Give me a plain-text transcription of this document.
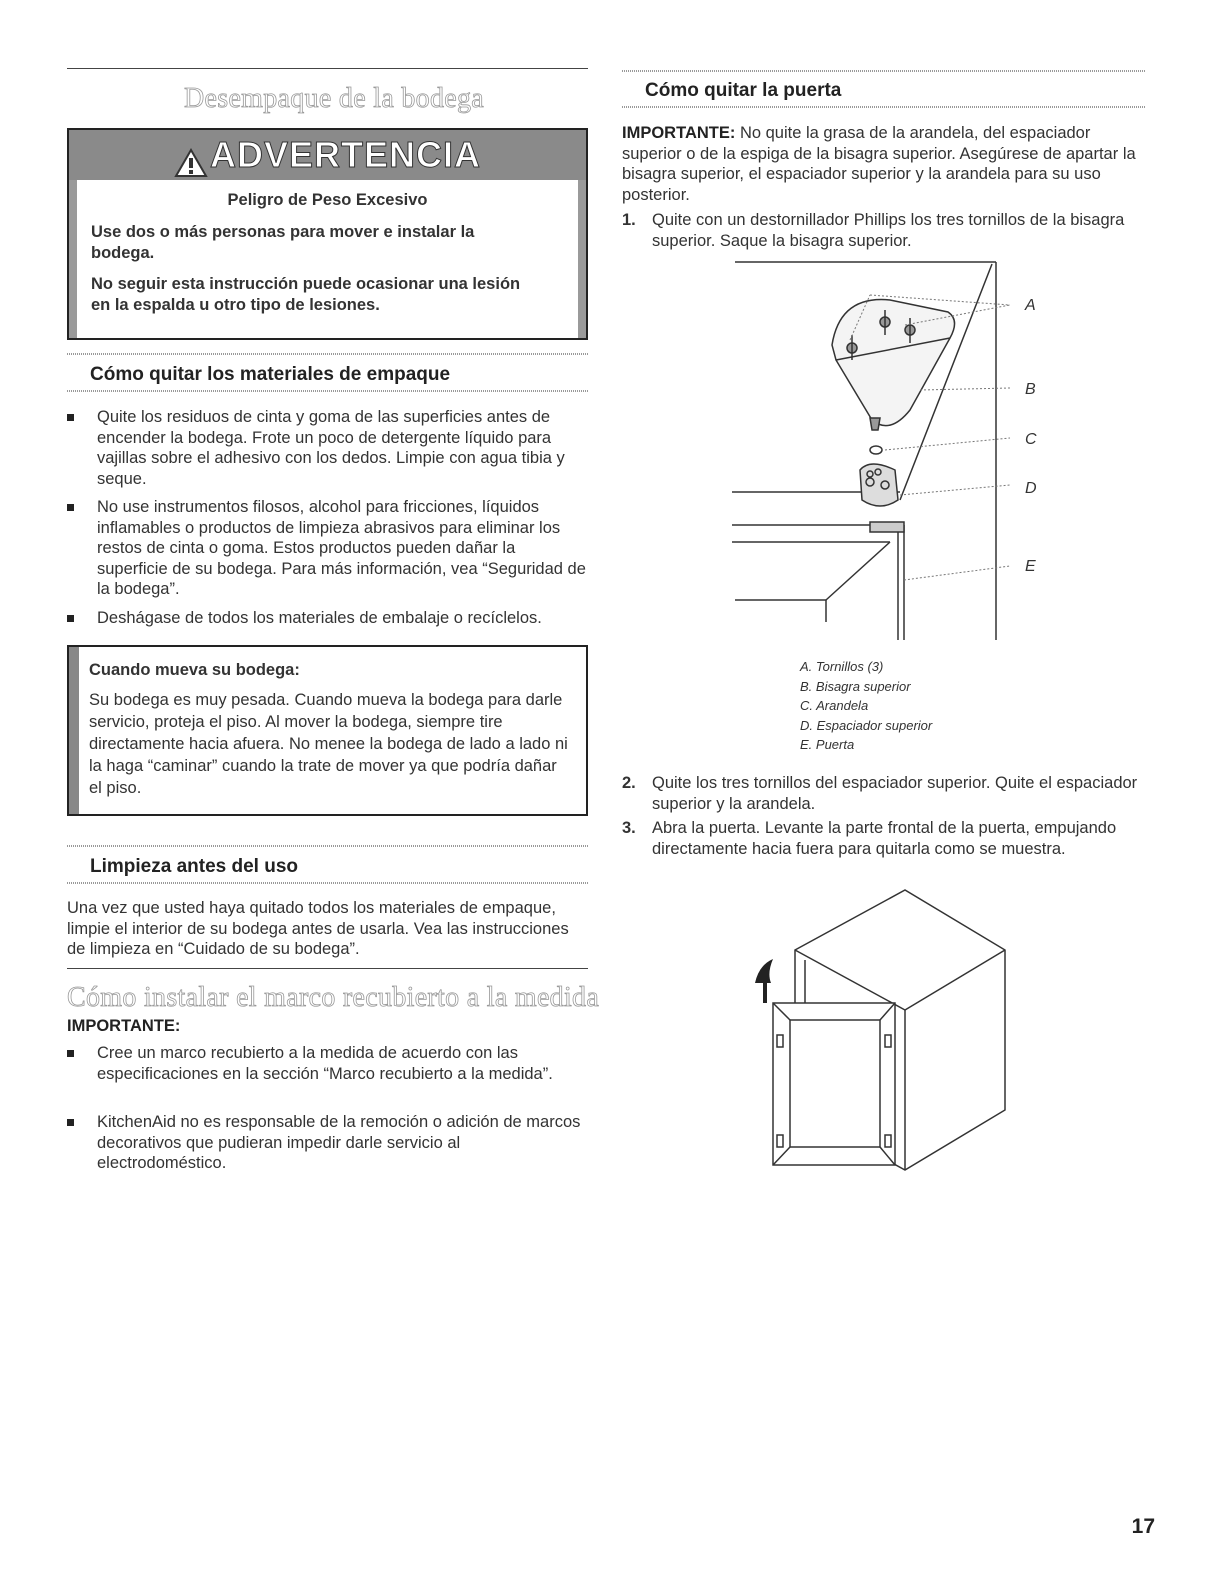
Desempaque de la bodega
ADVERTENCIA
Peligro de Peso Excesivo
Use dos o más personas para mover e instalar la bodega.
No seguir esta instrucción puede ocasionar una lesión en la espalda u otro tipo de lesiones.
Cómo quitar los materiales de empaque
Quite los residuos de cinta y goma de las superficies antes de encender la bodega. Frote un poco de detergente líquido para vajillas sobre el adhesivo con los dedos. Limpie con agua tibia y seque.
No use instrumentos filosos, alcohol para fricciones, líquidos inflamables o productos de limpieza abrasivos para eliminar los restos de cinta o goma. Estos productos pueden dañar la superficie de su bodega. Para más información, vea “Seguridad de la bodega”.
Deshágase de todos los materiales de embalaje o recíclelos.
Cuando mueva su bodega:
Su bodega es muy pesada. Cuando mueva la bodega para darle servicio, proteja el piso. Al mover la bodega, siempre tire directamente hacia afuera. No menee la bodega de lado a lado ni la haga “caminar” cuando la trate de mover ya que podría dañar el piso.
Limpieza antes del uso
Una vez que usted haya quitado todos los materiales de empaque, limpie el interior de su bodega antes de usarla. Vea las instrucciones de limpieza en “Cuidado de su bodega”.
Cómo instalar el marco recubierto a la medida
IMPORTANTE:
Cree un marco recubierto a la medida de acuerdo con las especificaciones en la sección “Marco recubierto a la medida”.
KitchenAid no es responsable de la remoción o adición de marcos decorativos que pudieran impedir darle servicio al electrodoméstico.
Cómo quitar la puerta
IMPORTANTE: No quite la grasa de la arandela, del espaciador superior o de la espiga de la bisagra superior. Asegúrese de apartar la bisagra superior, el espaciador superior y la arandela para su uso posterior.
1. Quite con un destornillador Phillips los tres tornillos de la bisagra superior. Saque la bisagra superior.
A
B
C
D
E
A. Tornillos (3)
B. Bisagra superior
C. Arandela
D. Espaciador superior
E. Puerta
2. Quite los tres tornillos del espaciador superior. Quite el espaciador superior y la arandela.
3. Abra la puerta. Levante la parte frontal de la puerta, empujando directamente hacia fuera para quitarla como se muestra.
17
